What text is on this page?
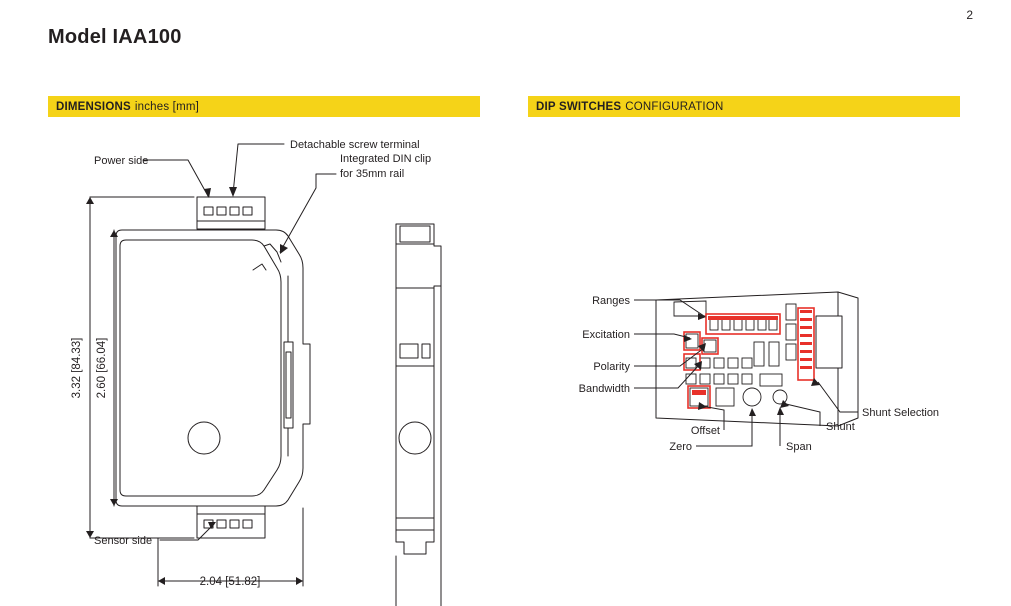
2
Model IAA100
DIMENSIONS inches [mm]	DIP SWITCHES CONFIGURATION
Power side
Detachable screw terminal
Integrated DIN clip
for 35mm rail
Sensor side
3.32 [84.33] 2.60 [66.04]
2.04 [51.82]
Ranges
Excitation
Polarity
Bandwidth
Offset
Zero	Span
Shunt
Shunt Selection
